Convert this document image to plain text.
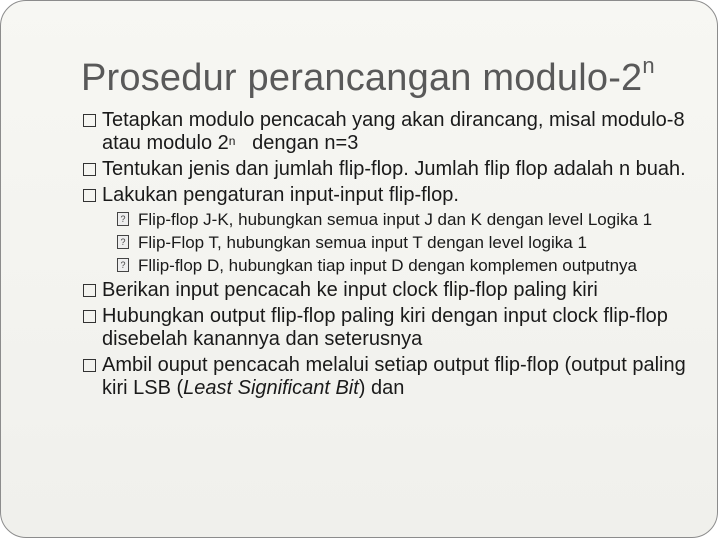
Prosedur perancangan modulo-2$^n$

Tetapkan modulo pencacah yang akan dirancang, misal modulo-8 atau modulo 2$^n$   dengan n=3

Tentukan jenis dan jumlah flip-flop. Jumlah flip flop adalah n buah.

Lakukan pengaturan input-input flip-flop.

? Flip-flop J-K, hubungkan semua input J dan K dengan level Logika 1
? Flip-Flop T, hubungkan semua input T dengan level logika 1
? Fllip-flop D, hubungkan tiap input D dengan komplemen outputnya

Berikan input pencacah ke input clock flip-flop paling kiri

Hubungkan output flip-flop paling kiri dengan input clock flip-flop disebelah kanannya dan seterusnya

Ambil ouput pencacah melalui setiap output flip-flop (output paling kiri LSB (Least Significant Bit) dan
